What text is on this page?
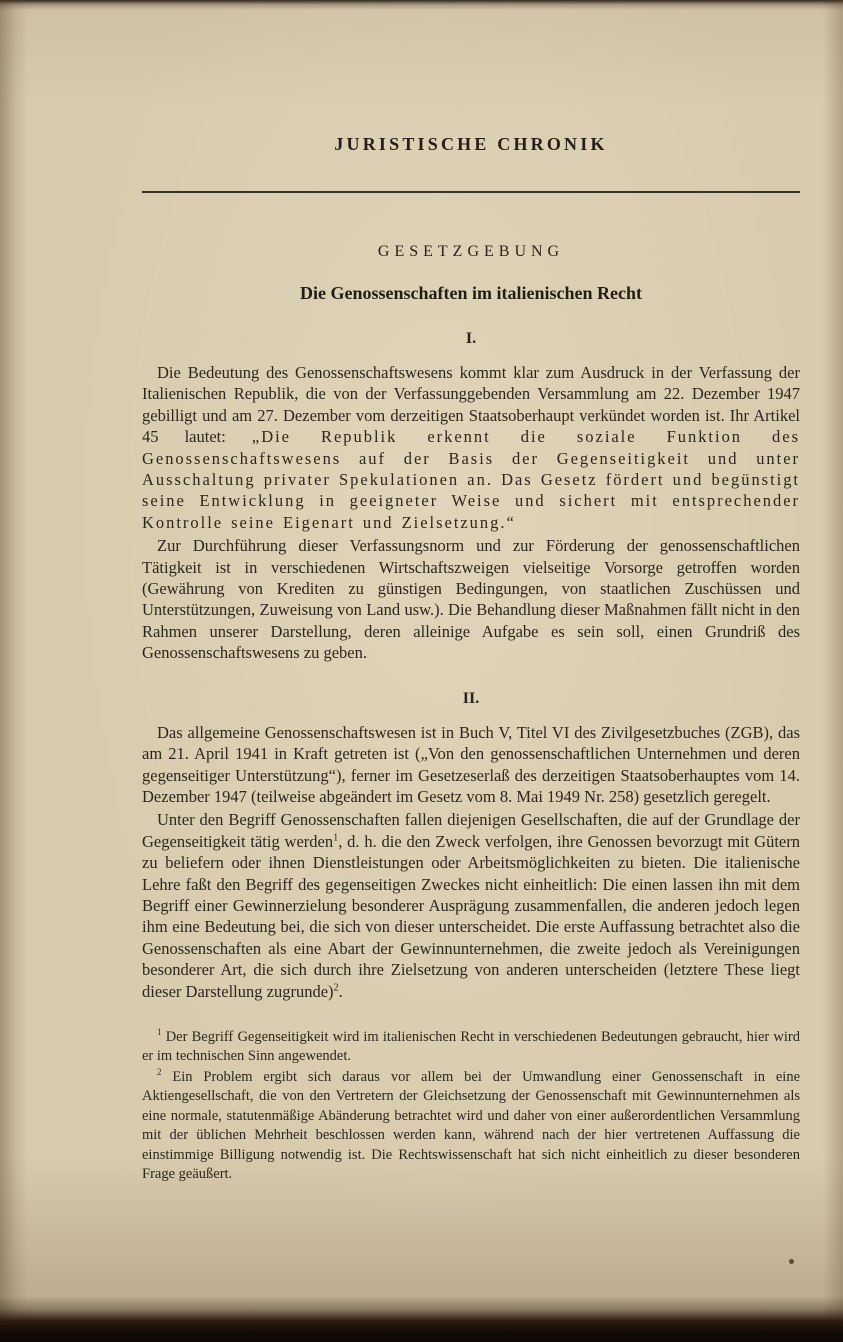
JURISTISCHE CHRONIK
GESETZGEBUNG
Die Genossenschaften im italienischen Recht
I.

Die Bedeutung des Genossenschaftswesens kommt klar zum Ausdruck in der Verfassung der Italienischen Republik, die von der Verfassunggebenden Versammlung am 22. Dezember 1947 gebilligt und am 27. Dezember vom derzeitigen Staatsoberhaupt verkündet worden ist. Ihr Artikel 45 lautet: „Die Republik erkennt die soziale Funktion des Genossenschaftswesens auf der Basis der Gegenseitigkeit und unter Ausschaltung privater Spekulationen an. Das Gesetz fördert und begünstigt seine Entwicklung in geeigneter Weise und sichert mit entsprechender Kontrolle seine Eigenart und Zielsetzung.“

Zur Durchführung dieser Verfassungsnorm und zur Förderung der genossenschaftlichen Tätigkeit ist in verschiedenen Wirtschaftszweigen vielseitige Vorsorge getroffen worden (Gewährung von Krediten zu günstigen Bedingungen, von staatlichen Zuschüssen und Unterstützungen, Zuweisung von Land usw.). Die Behandlung dieser Maßnahmen fällt nicht in den Rahmen unserer Darstellung, deren alleinige Aufgabe es sein soll, einen Grundriß des Genossenschaftswesens zu geben.

II.

Das allgemeine Genossenschaftswesen ist in Buch V, Titel VI des Zivilgesetzbuches (ZGB), das am 21. April 1941 in Kraft getreten ist („Von den genossenschaftlichen Unternehmen und deren gegenseitiger Unterstützung“), ferner im Gesetzeserlaß des derzeitigen Staatsoberhauptes vom 14. Dezember 1947 (teilweise abgeändert im Gesetz vom 8. Mai 1949 Nr. 258) gesetzlich geregelt.

Unter den Begriff Genossenschaften fallen diejenigen Gesellschaften, die auf der Grundlage der Gegenseitigkeit tätig werden$^1$, d. h. die den Zweck verfolgen, ihre Genossen bevorzugt mit Gütern zu beliefern oder ihnen Dienstleistungen oder Arbeitsmöglichkeiten zu bieten. Die italienische Lehre faßt den Begriff des gegenseitigen Zweckes nicht einheitlich: Die einen lassen ihn mit dem Begriff einer Gewinnerzielung besonderer Ausprägung zusammenfallen, die anderen jedoch legen ihm eine Bedeutung bei, die sich von dieser unterscheidet. Die erste Auffassung betrachtet also die Genossenschaften als eine Abart der Gewinnunternehmen, die zweite jedoch als Vereinigungen besonderer Art, die sich durch ihre Zielsetzung von anderen unterscheiden (letztere These liegt dieser Darstellung zugrunde)$^2$.

$^1$ Der Begriff Gegenseitigkeit wird im italienischen Recht in verschiedenen Bedeutungen gebraucht, hier wird er im technischen Sinn angewendet.

$^2$ Ein Problem ergibt sich daraus vor allem bei der Umwandlung einer Genossenschaft in eine Aktiengesellschaft, die von den Vertretern der Gleichsetzung der Genossenschaft mit Gewinnunternehmen als eine normale, statutenmäßige Abänderung betrachtet wird und daher von einer außerordentlichen Versammlung mit der üblichen Mehrheit beschlossen werden kann, während nach der hier vertretenen Auffassung die einstimmige Billigung notwendig ist. Die Rechtswissenschaft hat sich nicht einheitlich zu dieser besonderen Frage geäußert.
